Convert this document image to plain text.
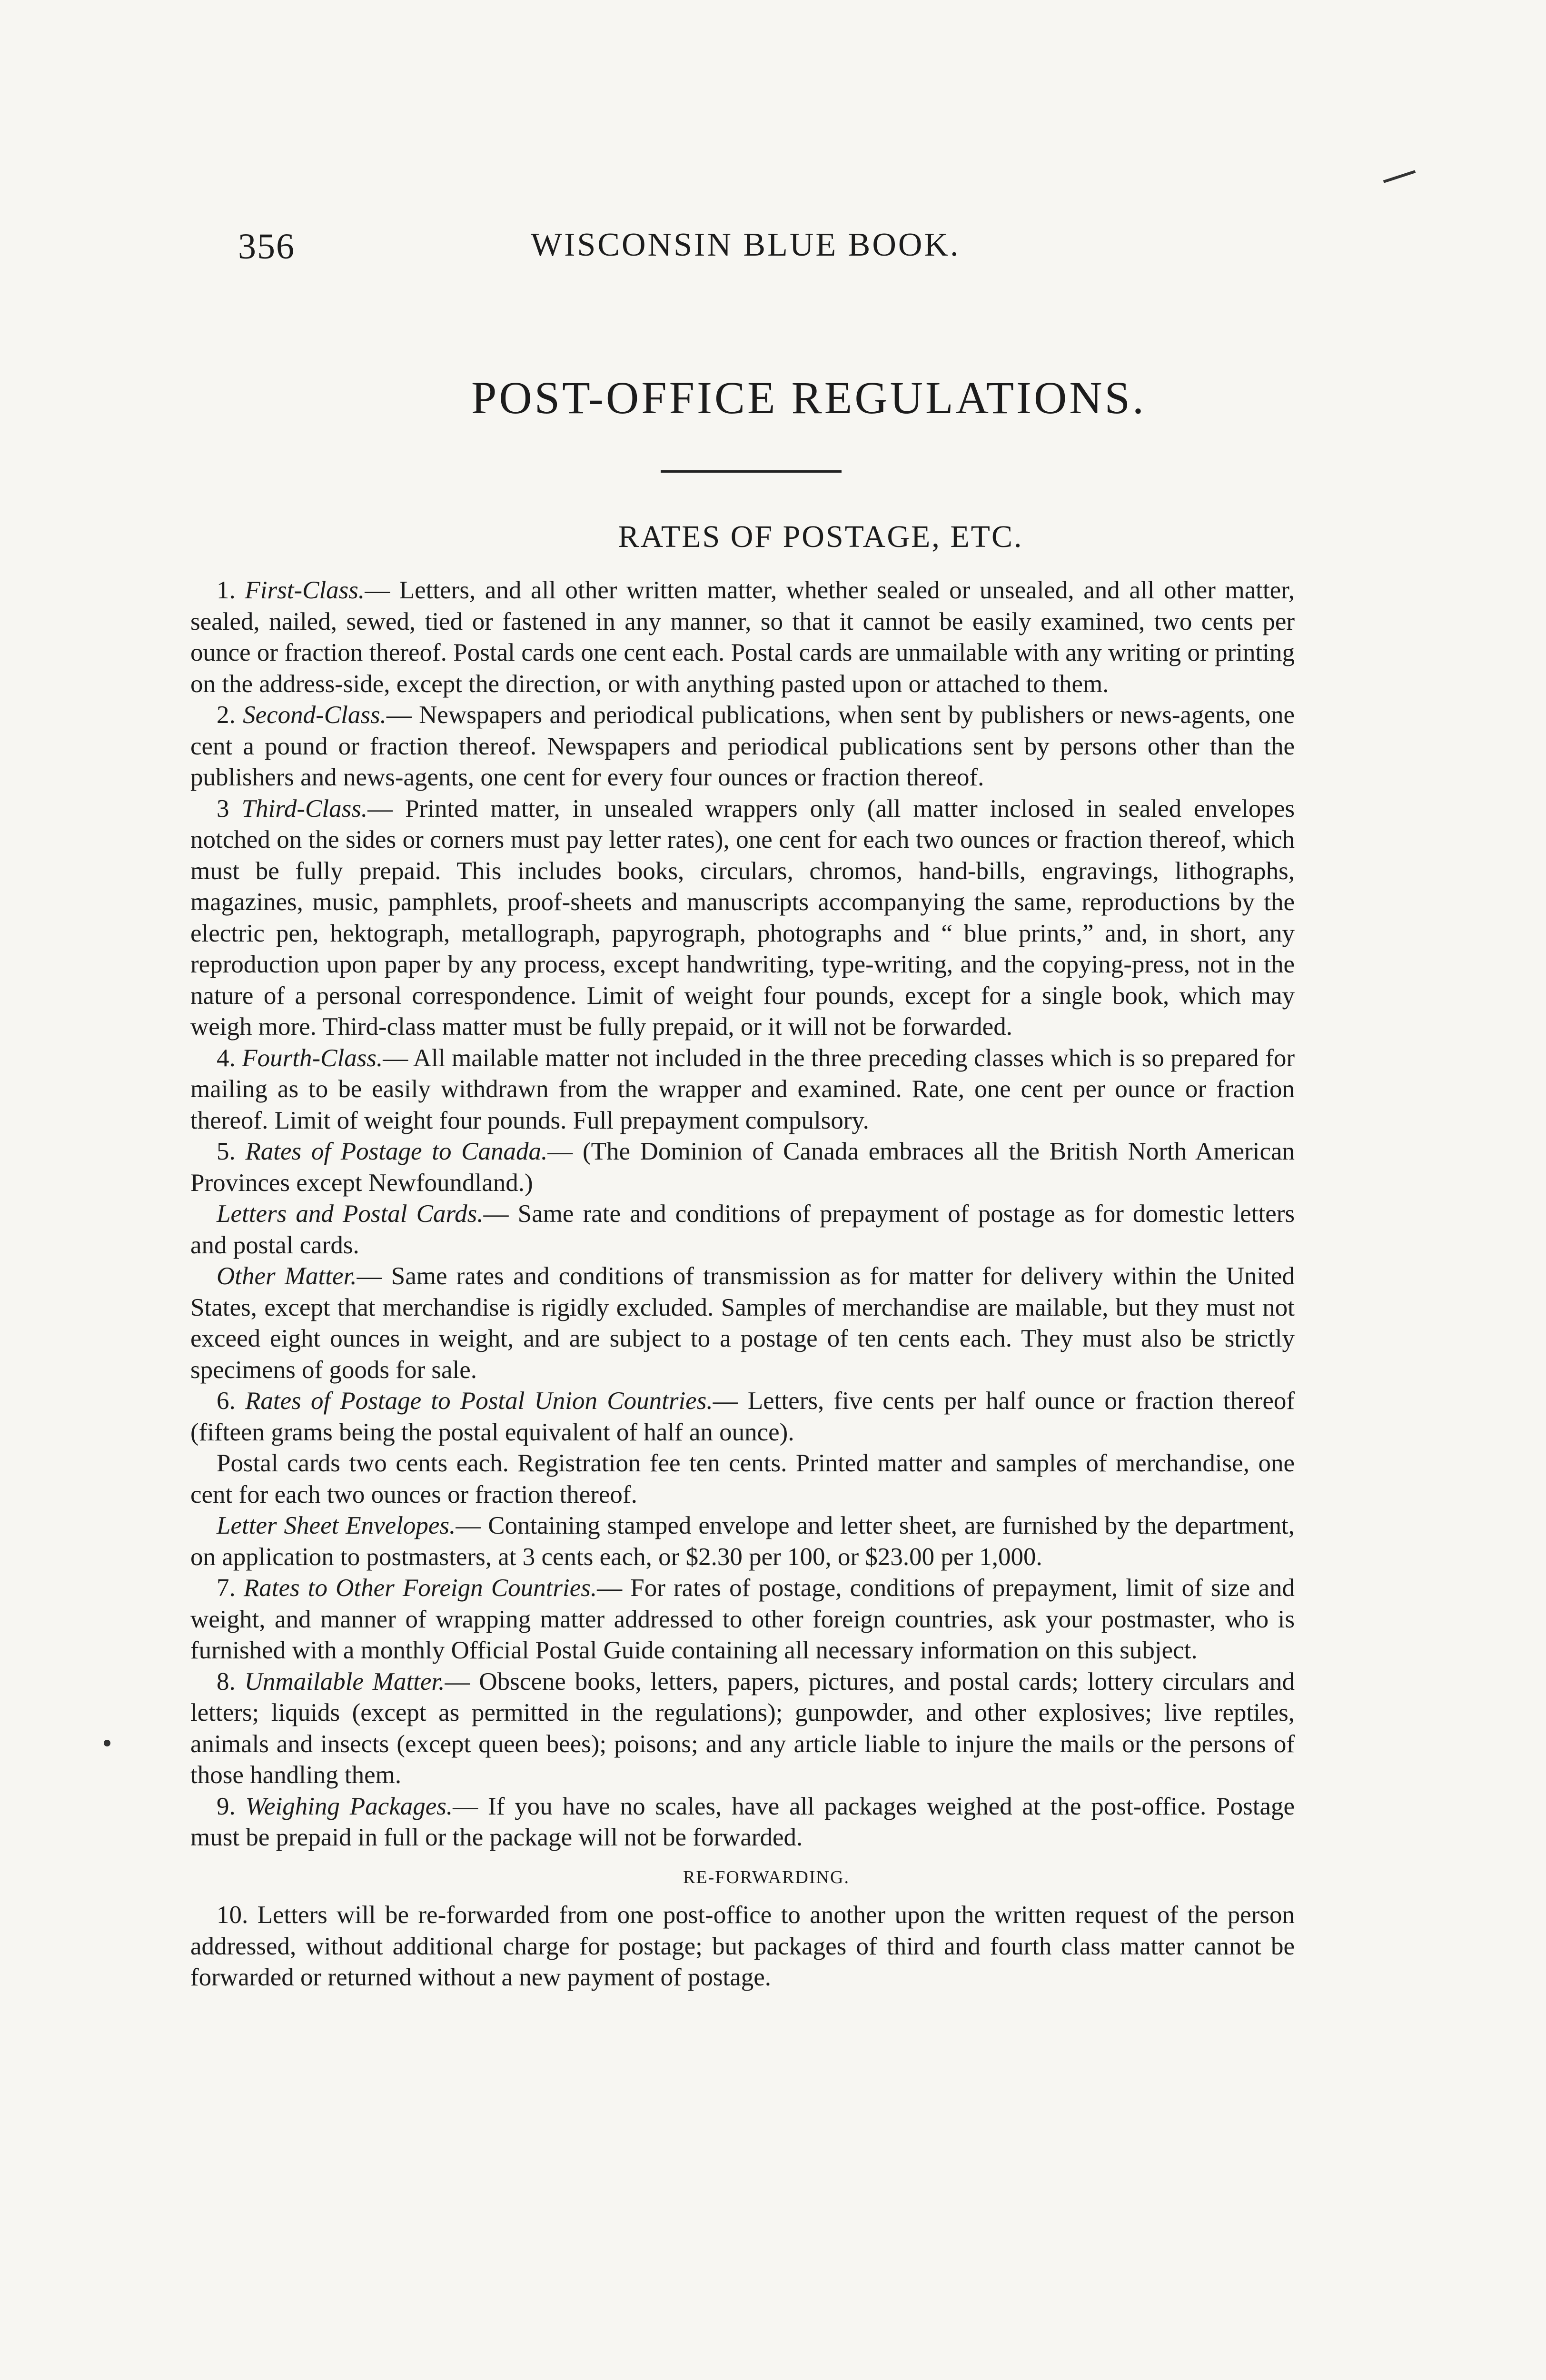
356	WISCONSIN BLUE BOOK.
POST-OFFICE REGULATIONS.
RATES OF POSTAGE, ETC.

1. First-Class.— Letters, and all other written matter, whether sealed or unsealed, and all other matter, sealed, nailed, sewed, tied or fastened in any manner, so that it cannot be easily examined, two cents per ounce or fraction thereof. Postal cards one cent each. Postal cards are unmailable with any writing or printing on the address-side, except the direction, or with anything pasted upon or attached to them.

2. Second-Class.— Newspapers and periodical publications, when sent by publishers or news-agents, one cent a pound or fraction thereof. Newspapers and periodical publications sent by persons other than the publishers and news-agents, one cent for every four ounces or fraction thereof.

3 Third-Class.— Printed matter, in unsealed wrappers only (all matter inclosed in sealed envelopes notched on the sides or corners must pay letter rates), one cent for each two ounces or fraction thereof, which must be fully prepaid. This includes books, circulars, chromos, hand-bills, engravings, lithographs, magazines, music, pamphlets, proof-sheets and manuscripts accompanying the same, reproductions by the electric pen, hektograph, metallograph, papyrograph, photographs and “ blue prints,” and, in short, any reproduction upon paper by any process, except handwriting, type-writing, and the copying-press, not in the nature of a personal correspondence. Limit of weight four pounds, except for a single book, which may weigh more. Third-class matter must be fully prepaid, or it will not be forwarded.

4. Fourth-Class.— All mailable matter not included in the three preceding classes which is so prepared for mailing as to be easily withdrawn from the wrapper and examined. Rate, one cent per ounce or fraction thereof. Limit of weight four pounds. Full prepayment compulsory.

5. Rates of Postage to Canada.— (The Dominion of Canada embraces all the British North American Provinces except Newfoundland.)

Letters and Postal Cards.— Same rate and conditions of prepayment of postage as for domestic letters and postal cards.

Other Matter.— Same rates and conditions of transmission as for matter for delivery within the United States, except that merchandise is rigidly excluded. Samples of merchandise are mailable, but they must not exceed eight ounces in weight, and are subject to a postage of ten cents each. They must also be strictly specimens of goods for sale.

6. Rates of Postage to Postal Union Countries.— Letters, five cents per half ounce or fraction thereof (fifteen grams being the postal equivalent of half an ounce).

Postal cards two cents each. Registration fee ten cents. Printed matter and samples of merchandise, one cent for each two ounces or fraction thereof.

Letter Sheet Envelopes.— Containing stamped envelope and letter sheet, are furnished by the department, on application to postmasters, at 3 cents each, or $2.30 per 100, or $23.00 per 1,000.

7. Rates to Other Foreign Countries.— For rates of postage, conditions of prepayment, limit of size and weight, and manner of wrapping matter addressed to other foreign countries, ask your postmaster, who is furnished with a monthly Official Postal Guide containing all necessary information on this subject.

8. Unmailable Matter.— Obscene books, letters, papers, pictures, and postal cards; lottery circulars and letters; liquids (except as permitted in the regulations); gunpowder, and other explosives; live reptiles, animals and insects (except queen bees); poisons; and any article liable to injure the mails or the persons of those handling them.

9. Weighing Packages.— If you have no scales, have all packages weighed at the post-office. Postage must be prepaid in full or the package will not be forwarded.

RE-FORWARDING.

10. Letters will be re-forwarded from one post-office to another upon the written request of the person addressed, without additional charge for postage; but packages of third and fourth class matter cannot be forwarded or returned without a new payment of postage.
